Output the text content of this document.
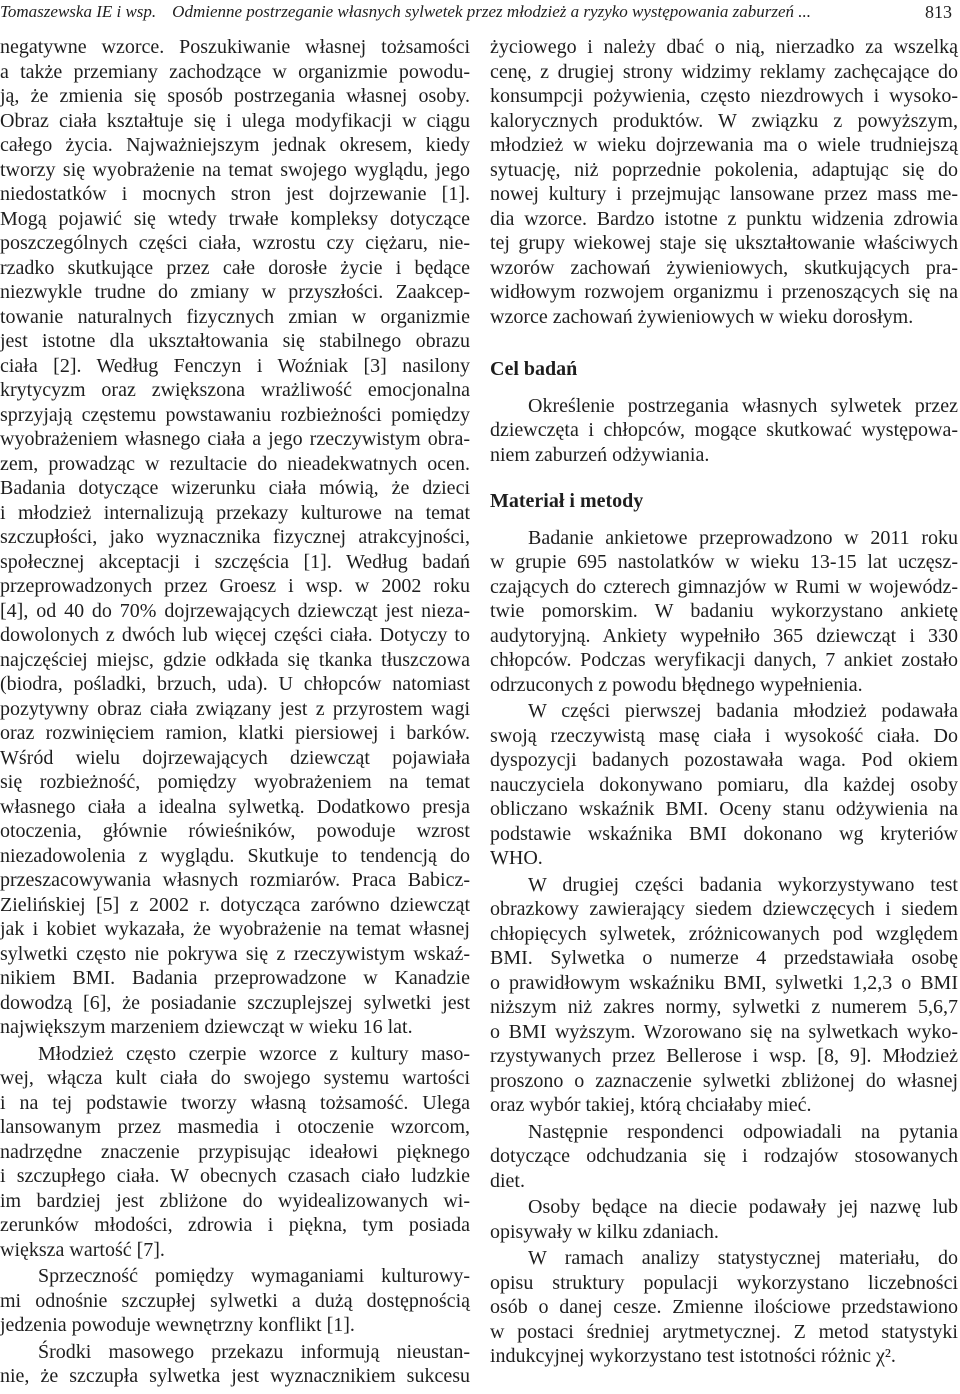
Tomaszewska IE i wsp. Odmienne postrzeganie własnych sylwetek przez młodzież a ryzyko występowania zaburzeń ...	813
negatywne wzorce. Poszukiwanie własnej tożsamości
a także przemiany zachodzące w organizmie powodu-
ją, że zmienia się sposób postrzegania własnej osoby.
Obraz ciała kształtuje się i ulega modyfikacji w ciągu
całego życia. Najważniejszym jednak okresem, kiedy
tworzy się wyobrażenie na temat swojego wyglądu, jego
niedostatków i mocnych stron jest dojrzewanie [1].
Mogą pojawić się wtedy trwałe kompleksy dotyczące
poszczególnych części ciała, wzrostu czy ciężaru, nie-
rzadko skutkujące przez całe dorosłe życie i będące
niezwykle trudne do zmiany w przyszłości. Zaakcep-
towanie naturalnych fizycznych zmian w organizmie
jest istotne dla ukształtowania się stabilnego obrazu
ciała [2]. Według Fenczyn i Woźniak [3] nasilony
krytycyzm oraz zwiększona wrażliwość emocjonalna
sprzyjają częstemu powstawaniu rozbieżności pomiędzy
wyobrażeniem własnego ciała a jego rzeczywistym obra-
zem, prowadząc w rezultacie do nieadekwatnych ocen.
Badania dotyczące wizerunku ciała mówią, że dzieci
i młodzież internalizują przekazy kulturowe na temat
szczupłości, jako wyznacznika fizycznej atrakcyjności,
społecznej akceptacji i szczęścia [1]. Według badań
przeprowadzonych przez Groesz i wsp. w 2002 roku
[4], od 40 do 70% dojrzewających dziewcząt jest nieza-
dowolonych z dwóch lub więcej części ciała. Dotyczy to
najczęściej miejsc, gdzie odkłada się tkanka tłuszczowa
(biodra, pośladki, brzuch, uda). U chłopców natomiast
pozytywny obraz ciała związany jest z przyrostem wagi
oraz rozwinięciem ramion, klatki piersiowej i barków.
Wśród wielu dojrzewających dziewcząt pojawiała
się rozbieżność, pomiędzy wyobrażeniem na temat
własnego ciała a idealna sylwetką. Dodatkowo presja
otoczenia, głównie rówieśników, powoduje wzrost
niezadowolenia z wyglądu. Skutkuje to tendencją do
przeszacowywania własnych rozmiarów. Praca Babicz-
Zielińskiej [5] z 2002 r. dotycząca zarówno dziewcząt
jak i kobiet wykazała, że wyobrażenie na temat własnej
sylwetki często nie pokrywa się z rzeczywistym wskaź-
nikiem BMI. Badania przeprowadzone w Kanadzie
dowodzą [6], że posiadanie szczuplejszej sylwetki jest
największym marzeniem dziewcząt w wieku 16 lat.
Młodzież często czerpie wzorce z kultury maso-
wej, włącza kult ciała do swojego systemu wartości
i na tej podstawie tworzy własną tożsamość. Ulega
lansowanym przez masmedia i otoczenie wzorcom,
nadrzędne znaczenie przypisując ideałowi pięknego
i szczupłego ciała. W obecnych czasach ciało ludzkie
im bardziej jest zbliżone do wyidealizowanych wi-
zerunków młodości, zdrowia i piękna, tym posiada
większa wartość [7].
Sprzeczność pomiędzy wymaganiami kulturowy-
mi odnośnie szczupłej sylwetki a dużą dostępnością
jedzenia powoduje wewnętrzny konflikt [1].
Środki masowego przekazu informują nieustan-
nie, że szczupła sylwetka jest wyznacznikiem sukcesu
życiowego i należy dbać o nią, nierzadko za wszelką
cenę, z drugiej strony widzimy reklamy zachęcające do
konsumpcji pożywienia, często niezdrowych i wysoko-
kalorycznych produktów. W związku z powyższym,
młodzież w wieku dojrzewania ma o wiele trudniejszą
sytuację, niż poprzednie pokolenia, adaptując się do
nowej kultury i przejmując lansowane przez mass me-
dia wzorce. Bardzo istotne z punktu widzenia zdrowia
tej grupy wiekowej staje się ukształtowanie właściwych
wzorów zachowań żywieniowych, skutkujących pra-
widłowym rozwojem organizmu i przenoszących się na
wzorce zachowań żywieniowych w wieku dorosłym.
Cel badań
Określenie postrzegania własnych sylwetek przez
dziewczęta i chłopców, mogące skutkować występowa-
niem zaburzeń odżywiania.
Materiał i metody
Badanie ankietowe przeprowadzono w 2011 roku
w grupie 695 nastolatków w wieku 13-15 lat uczęsz-
czających do czterech gimnazjów w Rumi w wojewódz-
twie pomorskim. W badaniu wykorzystano ankietę
audytoryjną. Ankiety wypełniło 365 dziewcząt i 330
chłopców. Podczas weryfikacji danych, 7 ankiet zostało
odrzuconych z powodu błędnego wypełnienia.
W części pierwszej badania młodzież podawała
swoją rzeczywistą masę ciała i wysokość ciała. Do
dyspozycji badanych pozostawała waga. Pod okiem
nauczyciela dokonywano pomiaru, dla każdej osoby
obliczano wskaźnik BMI. Oceny stanu odżywienia na
podstawie wskaźnika BMI dokonano wg kryteriów
WHO.
W drugiej części badania wykorzystywano test
obrazkowy zawierający siedem dziewczęcych i siedem
chłopięcych sylwetek, zróżnicowanych pod względem
BMI. Sylwetka o numerze 4 przedstawiała osobę
o prawidłowym wskaźniku BMI, sylwetki 1,2,3 o BMI
niższym niż zakres normy, sylwetki z numerem 5,6,7
o BMI wyższym. Wzorowano się na sylwetkach wyko-
rzystywanych przez Bellerose i wsp. [8, 9]. Młodzież
proszono o zaznaczenie sylwetki zbliżonej do własnej
oraz wybór takiej, którą chciałaby mieć.
Następnie respondenci odpowiadali na pytania
dotyczące odchudzania się i rodzajów stosowanych
diet.
Osoby będące na diecie podawały jej nazwę lub
opisywały w kilku zdaniach.
W ramach analizy statystycznej materiału, do
opisu struktury populacji wykorzystano liczebności
osób o danej cesze. Zmienne ilościowe przedstawiono
w postaci średniej arytmetycznej. Z metod statystyki
indukcyjnej wykorzystano test istotności różnic χ².
